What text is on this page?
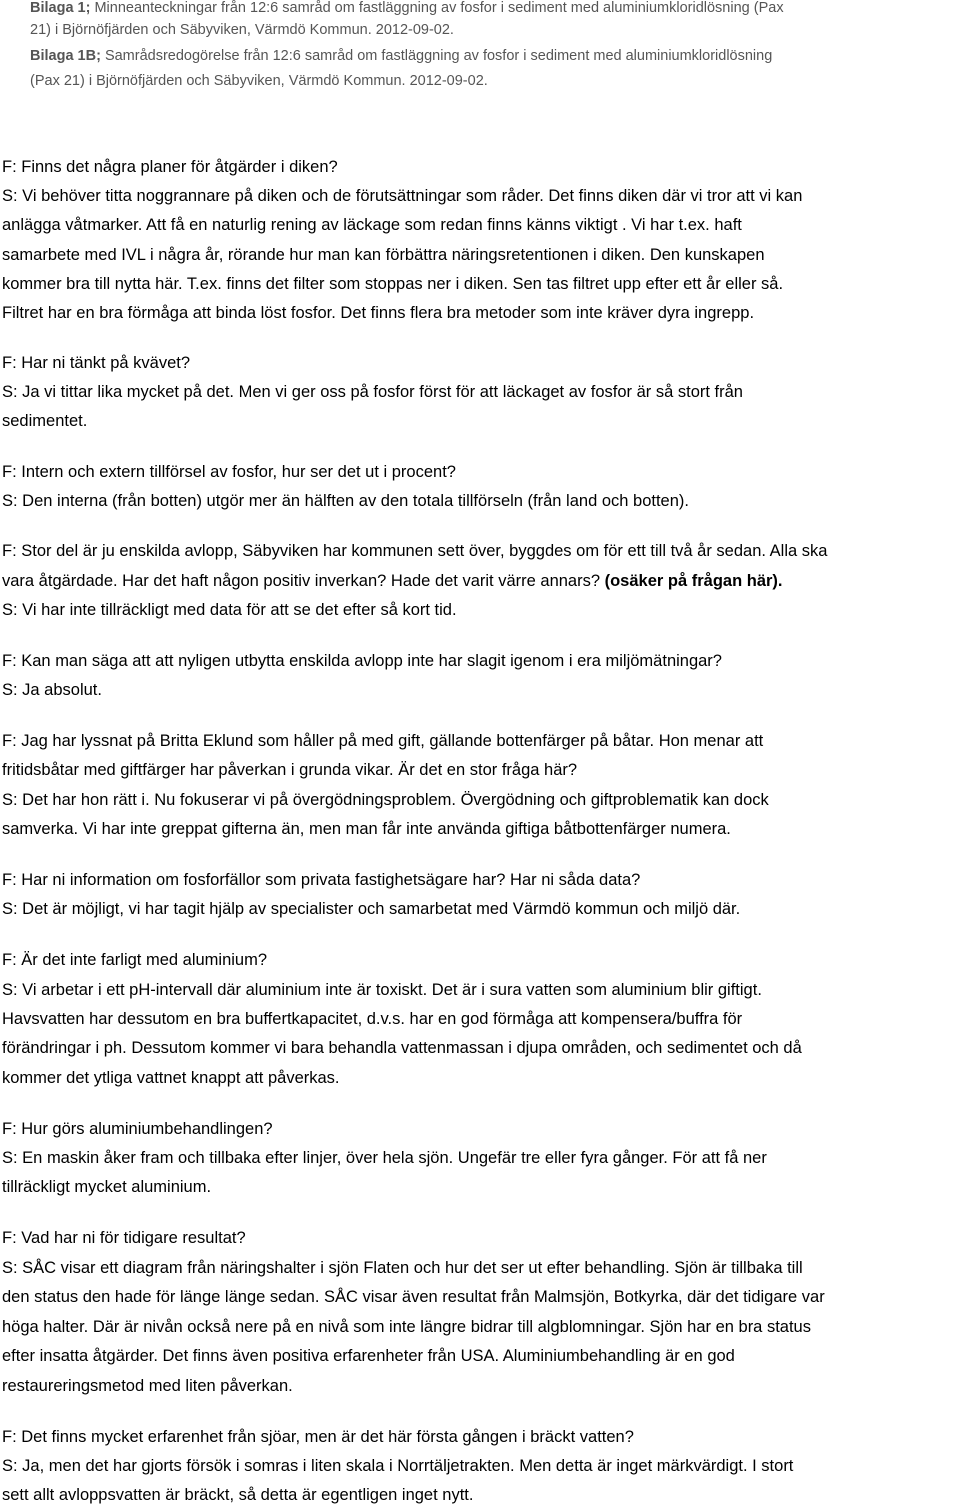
Bilaga 1; Minneanteckningar från 12:6 samråd om fastläggning av fosfor i sediment med aluminiumkloridlösning (Pax
21) i Björnöfjärden och Säbyviken, Värmdö Kommun. 2012-09-02.
Bilaga 1B; Samrådsredogörelse från 12:6 samråd om fastläggning av fosfor i sediment med aluminiumkloridlösning
(Pax 21) i Björnöfjärden och Säbyviken, Värmdö Kommun. 2012-09-02.
F: Finns det några planer för åtgärder i diken?
S: Vi behöver titta noggrannare på diken och de förutsättningar som råder. Det finns diken där vi tror att vi kan
anlägga våtmarker. Att få en naturlig rening av läckage som redan finns känns viktigt . Vi har t.ex. haft
samarbete med IVL i några år, rörande hur man kan förbättra näringsretentionen i diken. Den kunskapen
kommer bra till nytta här. T.ex. finns det filter som stoppas ner i diken. Sen tas filtret upp efter ett år eller så.
Filtret har en bra förmåga att binda löst fosfor. Det finns flera bra metoder som inte kräver dyra ingrepp.
F: Har ni tänkt på kvävet?
S: Ja vi tittar lika mycket på det. Men vi ger oss på fosfor först för att läckaget av fosfor är så stort från
sedimentet.
F: Intern och extern tillförsel av fosfor, hur ser det ut i procent?
S: Den interna (från botten) utgör mer än hälften av den totala tillförseln (från land och botten).
F: Stor del är ju enskilda avlopp, Säbyviken har kommunen sett över, byggdes om för ett till två år sedan. Alla ska
vara åtgärdade. Har det haft någon positiv inverkan? Hade det varit värre annars? (osäker på frågan här).
S: Vi har inte tillräckligt med data för att se det efter så kort tid.
F: Kan man säga att att nyligen utbytta enskilda avlopp inte har slagit igenom i era miljömätningar?
S: Ja absolut.
F: Jag har lyssnat på Britta Eklund som håller på med gift, gällande bottenfärger på båtar. Hon menar att
fritidsbåtar med giftfärger har påverkan i grunda vikar. Är det en stor fråga här?
S: Det har hon rätt i. Nu fokuserar vi på övergödningsproblem. Övergödning och giftproblematik kan dock
samverka. Vi har inte greppat gifterna än, men man får inte använda giftiga båtbottenfärger numera.
F: Har ni information om fosforfällor som privata fastighetsägare har? Har ni såda data?
S: Det är möjligt, vi har tagit hjälp av specialister och samarbetat med Värmdö kommun och miljö där.
F: Är det inte farligt med aluminium?
S: Vi arbetar i ett pH-intervall där aluminium inte är toxiskt. Det är i sura vatten som aluminium blir giftigt.
Havsvatten har dessutom en bra buffertkapacitet, d.v.s. har en god förmåga att kompensera/buffra för
förändringar i ph. Dessutom kommer vi bara behandla vattenmassan i djupa områden, och sedimentet och då
kommer det ytliga vattnet knappt att påverkas.
F: Hur görs aluminiumbehandlingen?
S: En maskin åker fram och tillbaka efter linjer, över hela sjön. Ungefär tre eller fyra gånger. För att få ner
tillräckligt mycket aluminium.
F: Vad har ni för tidigare resultat?
S: SÅC visar ett diagram från näringshalter i sjön Flaten och hur det ser ut efter behandling. Sjön är tillbaka till
den status den hade för länge länge sedan. SÅC visar även resultat från Malmsjön, Botkyrka, där det tidigare var
höga halter. Där är nivån också nere på en nivå som inte längre bidrar till algblomningar. Sjön har en bra status
efter insatta åtgärder. Det finns även positiva erfarenheter från USA. Aluminiumbehandling är en god
restaureringsmetod med liten påverkan.
F: Det finns mycket erfarenhet från sjöar, men är det här första gången i bräckt vatten?
S: Ja, men det har gjorts försök i somras i liten skala i Norrtäljetrakten. Men detta är inget märkvärdigt. I stort
sett allt avloppsvatten är bräckt, så detta är egentligen inget nytt.
